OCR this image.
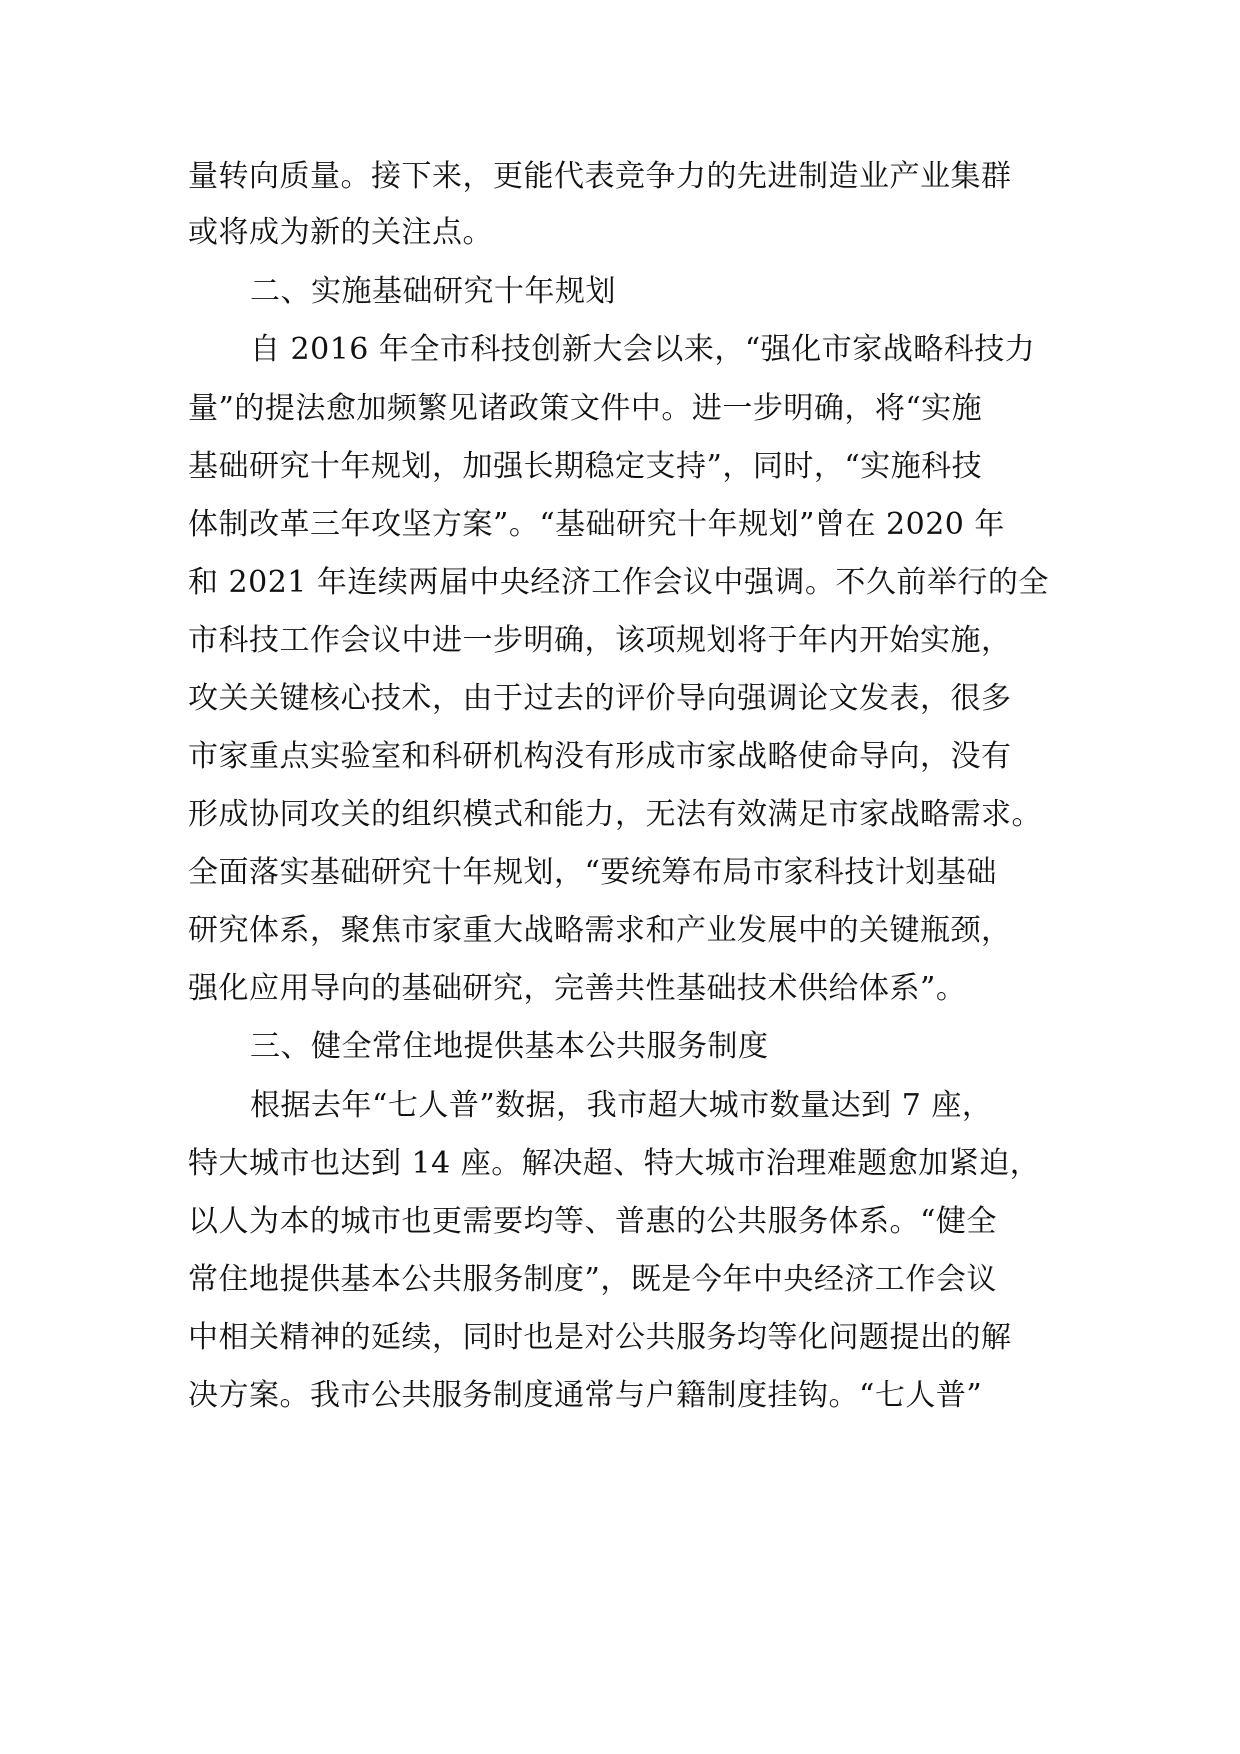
量转向质量。接下来，更能代表竞争力的先进制造业产业集群
或将成为新的关注点。
二、实施基础研究十年规划
自 2016 年全市科技创新大会以来，“强化市家战略科技力
量”的提法愈加频繁见诸政策文件中。进一步明确，将“实施
基础研究十年规划，加强长期稳定支持”，同时，“实施科技
体制改革三年攻坚方案”。“基础研究十年规划”曾在 2020 年
和 2021 年连续两届中央经济工作会议中强调。不久前举行的全
市科技工作会议中进一步明确，该项规划将于年内开始实施，
攻关关键核心技术，由于过去的评价导向强调论文发表，很多
市家重点实验室和科研机构没有形成市家战略使命导向，没有
形成协同攻关的组织模式和能力，无法有效满足市家战略需求。
全面落实基础研究十年规划，“要统筹布局市家科技计划基础
研究体系，聚焦市家重大战略需求和产业发展中的关键瓶颈，
强化应用导向的基础研究，完善共性基础技术供给体系”。
三、健全常住地提供基本公共服务制度
根据去年“七人普”数据，我市超大城市数量达到 7 座，
特大城市也达到 14 座。解决超、特大城市治理难题愈加紧迫，
以人为本的城市也更需要均等、普惠的公共服务体系。“健全
常住地提供基本公共服务制度”，既是今年中央经济工作会议
中相关精神的延续，同时也是对公共服务均等化问题提出的解
决方案。我市公共服务制度通常与户籍制度挂钩。“七人普”
